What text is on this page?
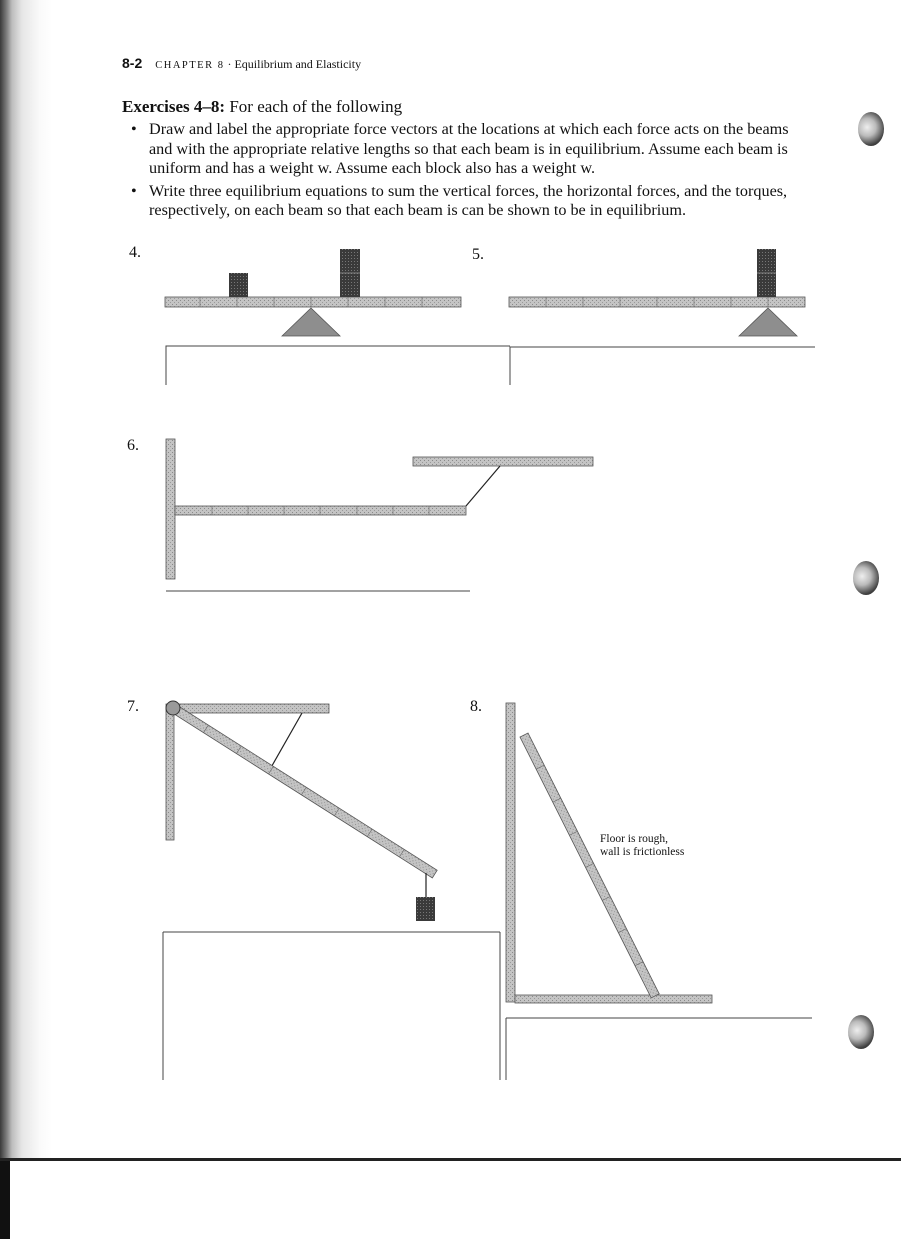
8-2 CHAPTER 8 · Equilibrium and Elasticity
Exercises 4–8: For each of the following
• Draw and label the appropriate force vectors at the locations at which each force acts on the beams and with the appropriate relative lengths so that each beam is in equilibrium. Assume each beam is uniform and has a weight w. Assume each block also has a weight w.
• Write three equilibrium equations to sum the vertical forces, the horizontal forces, and the torques, respectively, on each beam so that each beam is can be shown to be in equilibrium.
4.	5.
6.
7.	8.
Floor is rough,
wall is frictionless
